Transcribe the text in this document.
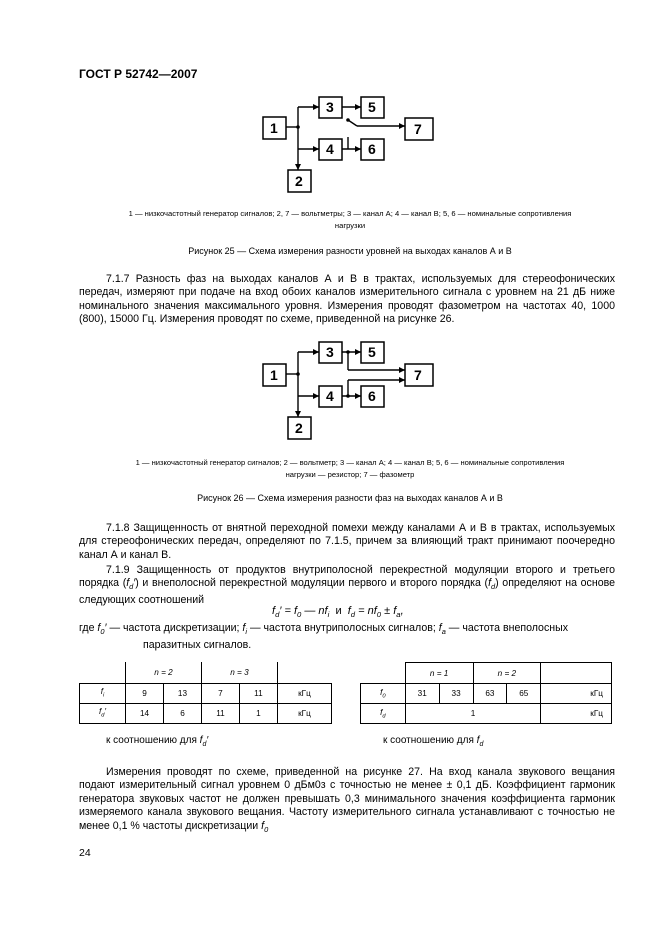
ГОСТ Р 52742—2007
1
2
3
4
5
6
7
1 — низкочастотный генератор сигналов; 2, 7 — вольтметры; 3 — канал А; 4 — канал В; 5, 6 — номинальные сопротивления
нагрузки
Рисунок 25 — Схема измерения разности уровней на выходах каналов А и В
7.1.7 Разность фаз на выходах каналов А и В в трактах, используемых для стереофонических передач, измеряют при подаче на вход обоих каналов измерительного сигнала с уровнем на 21 дБ ниже номинального значения максимального уровня. Измерения проводят фазометром на частотах 40, 1000 (800), 15000 Гц. Измерения проводят по схеме, приведенной на рисунке 26.
1
2
3
4
5
6
7
1 — низкочастотный генератор сигналов; 2 — вольтметр; 3 — канал А; 4 — канал В; 5, 6 — номинальные сопротивления
нагрузки — резистор; 7 — фазометр
Рисунок 26 — Схема измерения разности фаз на выходах каналов А и В
7.1.8 Защищенность от внятной переходной помехи между каналами А и В в трактах, используемых для стереофонических передач, определяют по 7.1.5, причем за влияющий тракт принимают поочередно канал А и канал В.
7.1.9 Защищенность от продуктов внутриполосной перекрестной модуляции второго и третьего порядка $(f_d')$ и внеполосной перекрестной модуляции первого и второго порядка $(f_d)$ определяют на основе следующих соотношений
$f_d' = f_0$ — $nf_i$ и $f_d = nf_0 \pm f_a$,
где $f_0'$ — частота дискретизации; $f_i$ — частота внутриполосных сигналов; $f_a$ — частота внеполосных
паразитных сигналов.
	n = 2		n = 3		
$f_i$	9	13	7	11	кГц
$f_d'$	14	6	11	1	кГц
к соотношению для $f_d'$
	n = 1		n = 2		
$f_0$	31	33	63	65	кГц
$f_d$	1				кГц
к соотношению для $f_d$
Измерения проводят по схеме, приведенной на рисунке 27. На вход канала звукового вещания подают измерительный сигнал уровнем 0 дБм0з с точностью не менее ± 0,1 дБ. Коэффициент гармоник генератора звуковых частот не должен превышать 0,3 минимального значения коэффициента гармоник измеряемого канала звукового вещания. Частоту измерительного сигнала устанавливают с точностью не менее 0,1 % частоты дискретизации $f_0$
24
